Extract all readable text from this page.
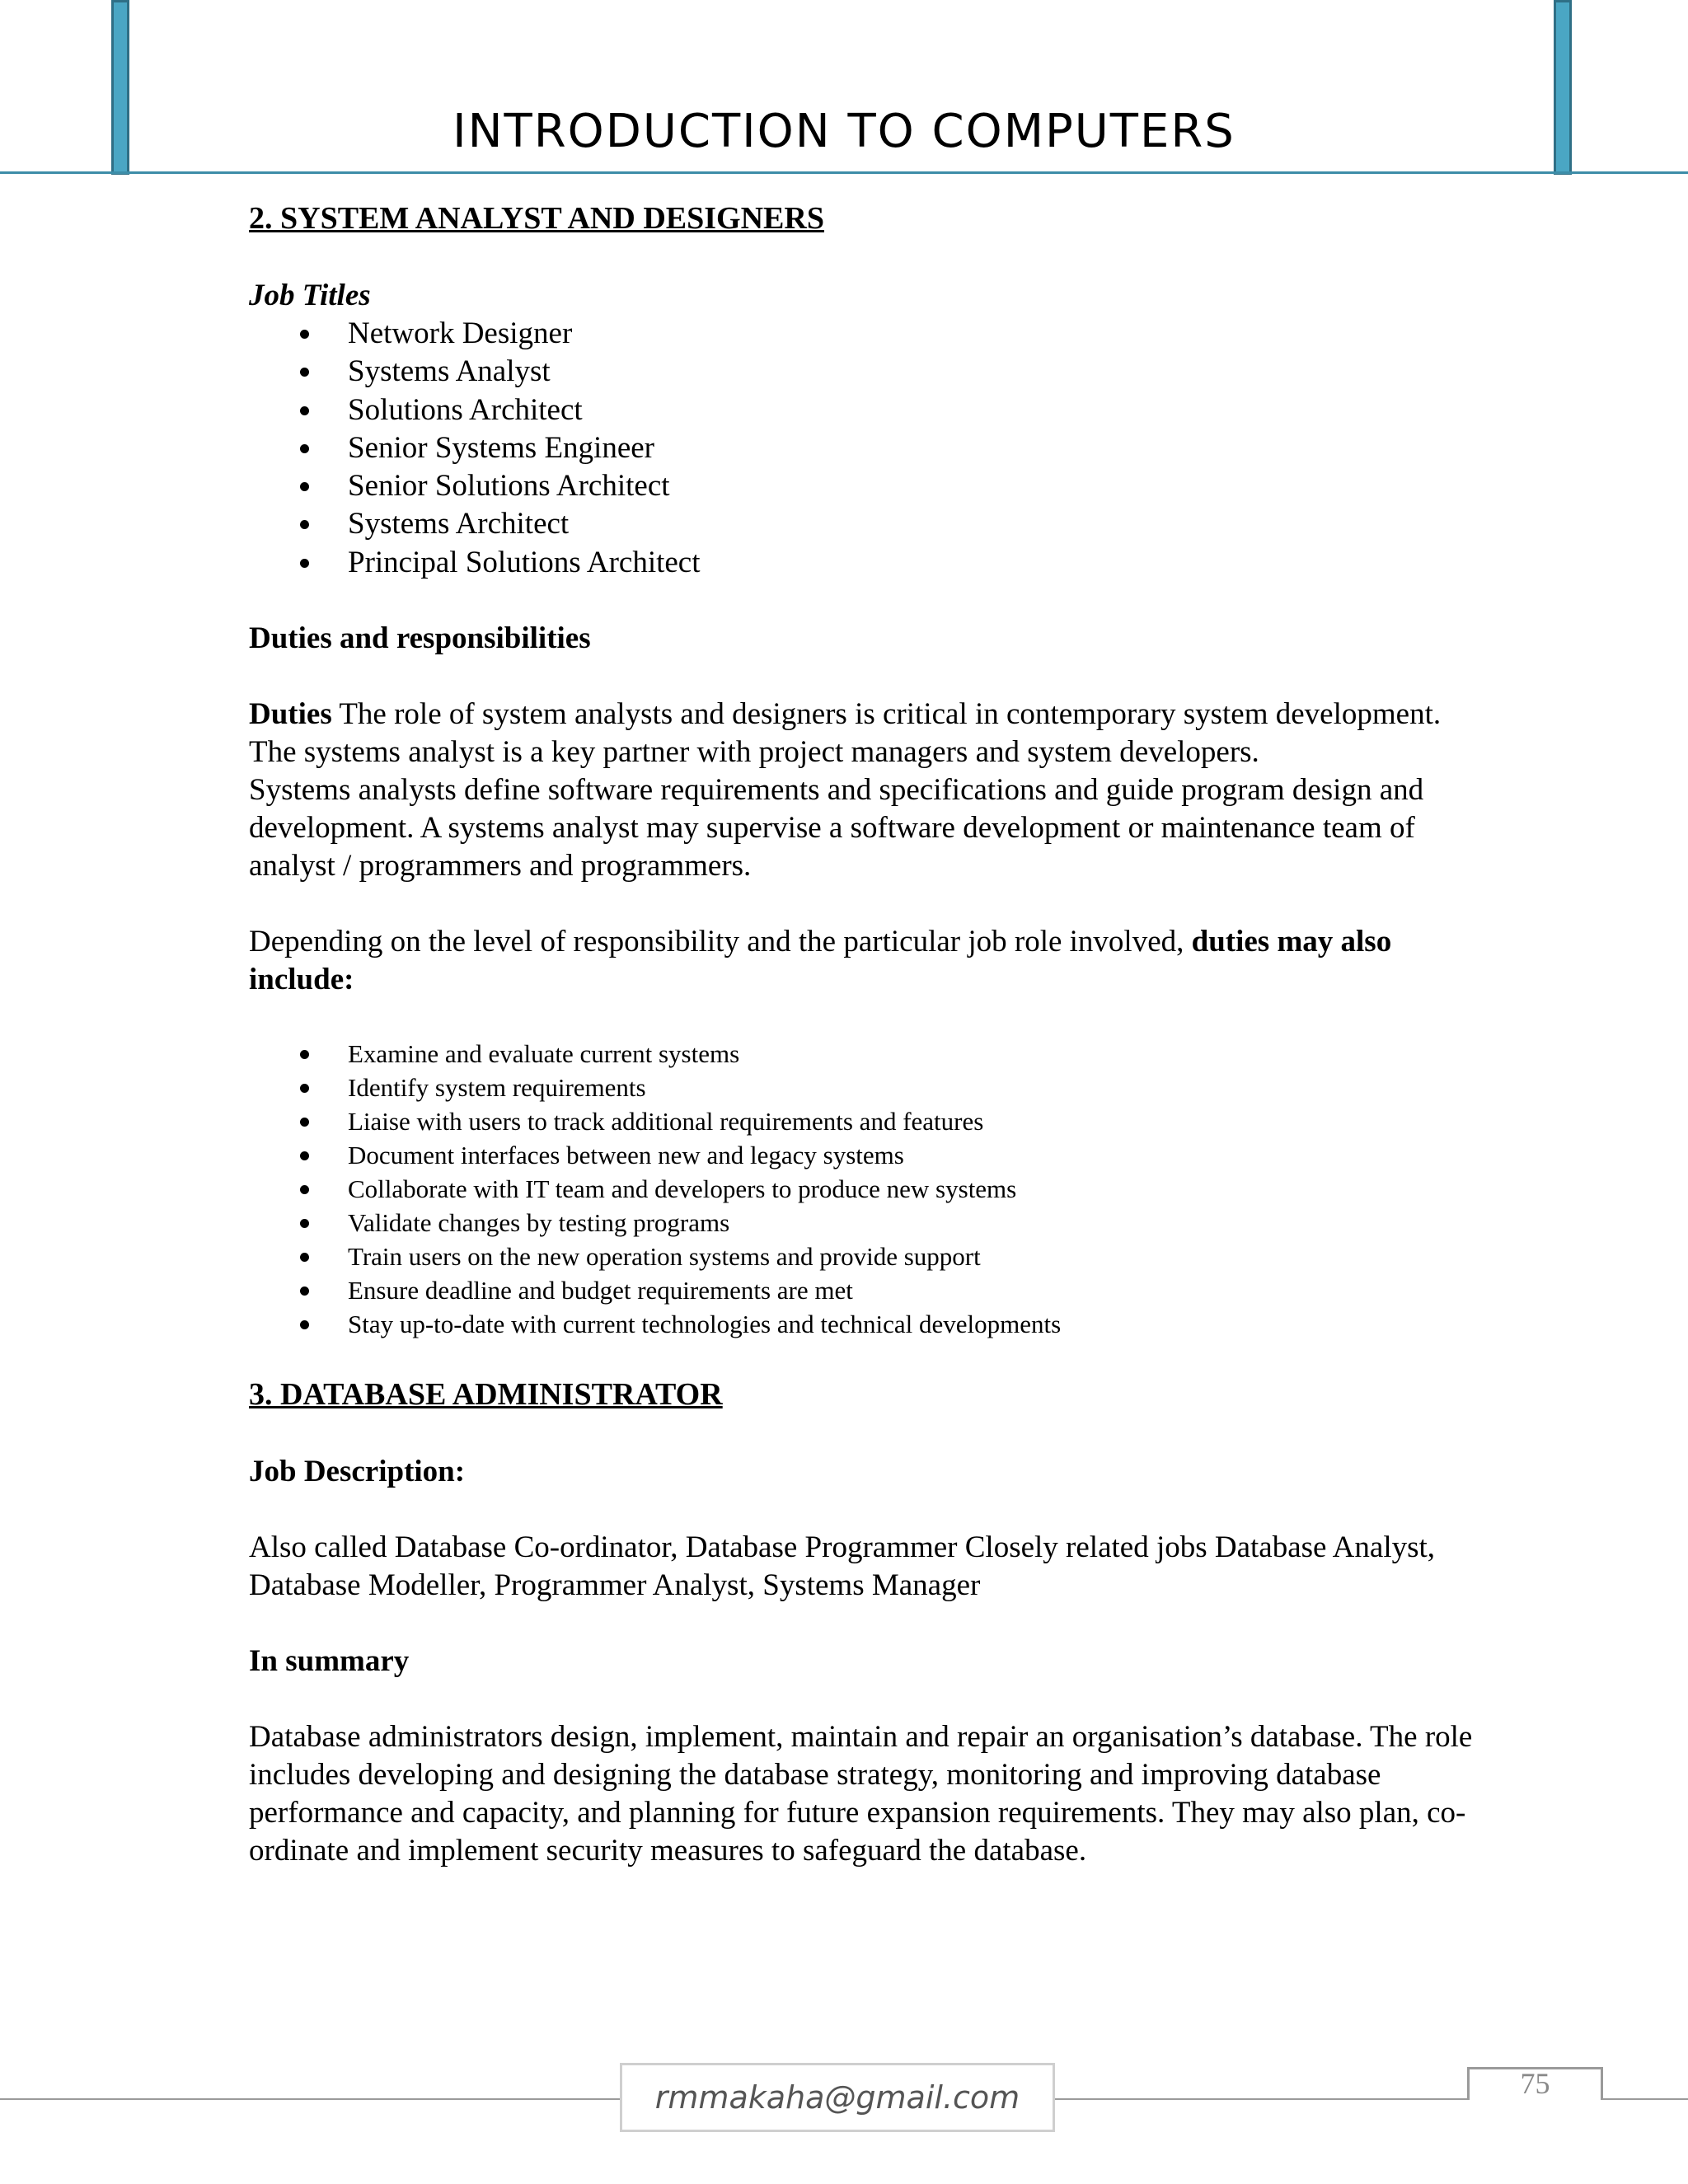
INTRODUCTION TO COMPUTERS
2. SYSTEM ANALYST AND DESIGNERS
Job Titles
Network Designer
Systems Analyst
Solutions Architect
Senior Systems Engineer
Senior Solutions Architect
Systems Architect
Principal Solutions Architect
Duties and responsibilities

Duties The role of system analysts and designers is critical in contemporary system development. The systems analyst is a key partner with project managers and system developers.

Systems analysts define software requirements and specifications and guide program design and development. A systems analyst may supervise a software development or maintenance team of analyst / programmers and programmers.

Depending on the level of responsibility and the particular job role involved, duties may also include:

Examine and evaluate current systems
Identify system requirements
Liaise with users to track additional requirements and features
Document interfaces between new and legacy systems
Collaborate with IT team and developers to produce new systems
Validate changes by testing programs
Train users on the new operation systems and provide support
Ensure deadline and budget requirements are met
Stay up-to-date with current technologies and technical developments
3. DATABASE ADMINISTRATOR
Job Description:

Also called Database Co-ordinator, Database Programmer Closely related jobs Database Analyst, Database Modeller, Programmer Analyst, Systems Manager

In summary

Database administrators design, implement, maintain and repair an organisation’s database. The role includes developing and designing the database strategy, monitoring and improving database performance and capacity, and planning for future expansion requirements. They may also plan, co-ordinate and implement security measures to safeguard the database.

rmmakaha@gmail.com	75
